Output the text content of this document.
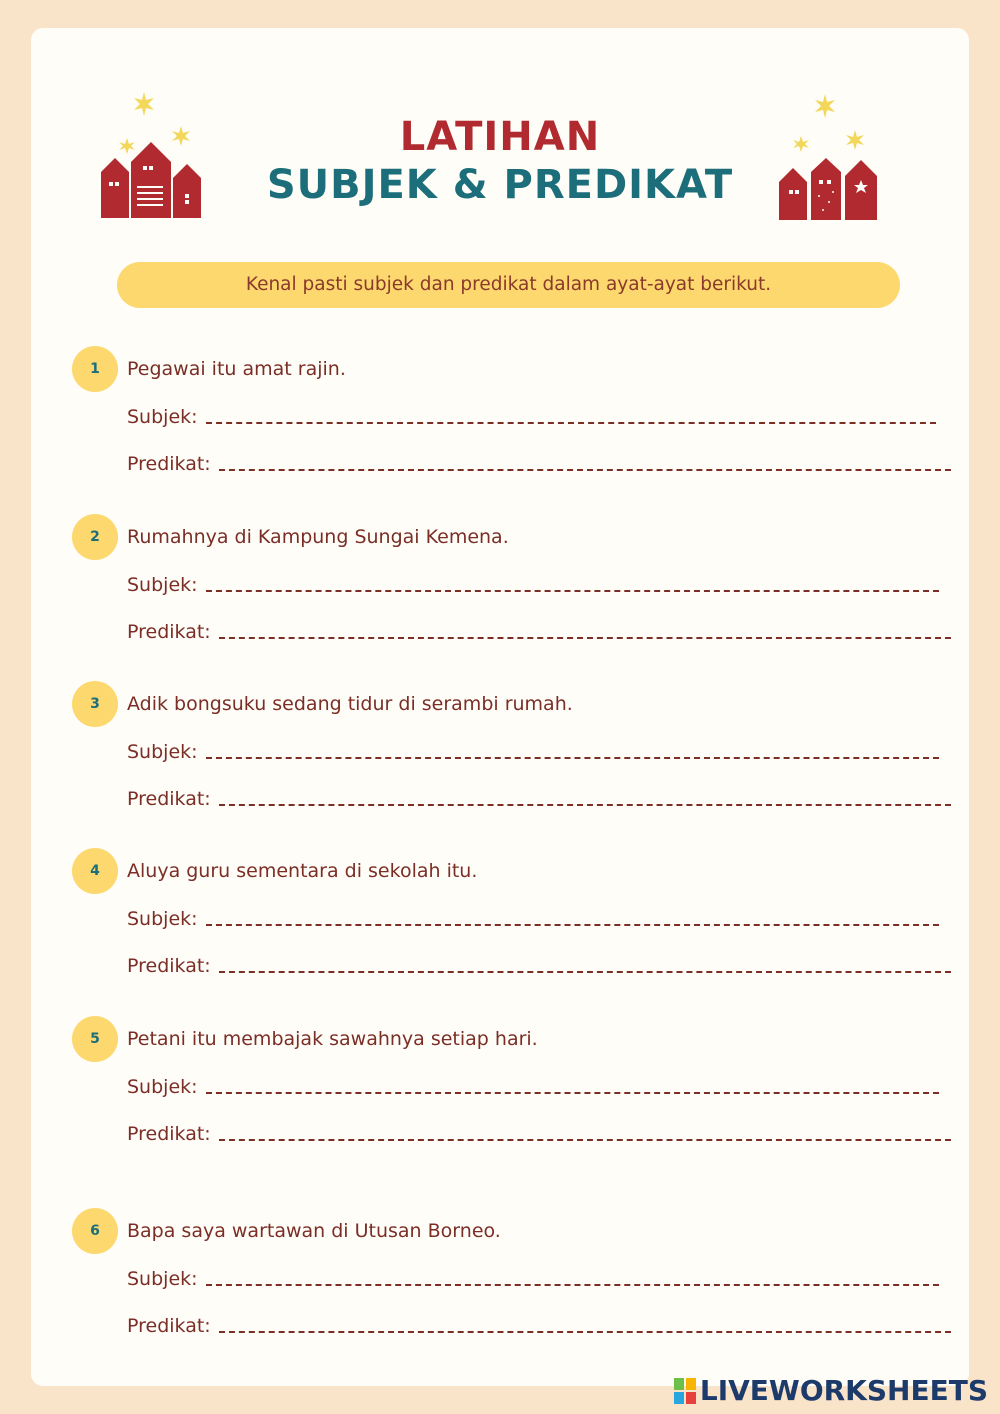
LATIHAN
SUBJEK & PREDIKAT
Kenal pasti subjek dan predikat dalam ayat-ayat berikut.
1	Pegawai itu amat rajin.
Subjek:
Predikat:
2	Rumahnya di Kampung Sungai Kemena.
Subjek:
Predikat:
3	Adik bongsuku sedang tidur di serambi rumah.
Subjek:
Predikat:
4	Aluya guru sementara di sekolah itu.
Subjek:
Predikat:
5	Petani itu membajak sawahnya setiap hari.
Subjek:
Predikat:
6	Bapa saya wartawan di Utusan Borneo.
Subjek:
Predikat:
LIVEWORKSHEETS
